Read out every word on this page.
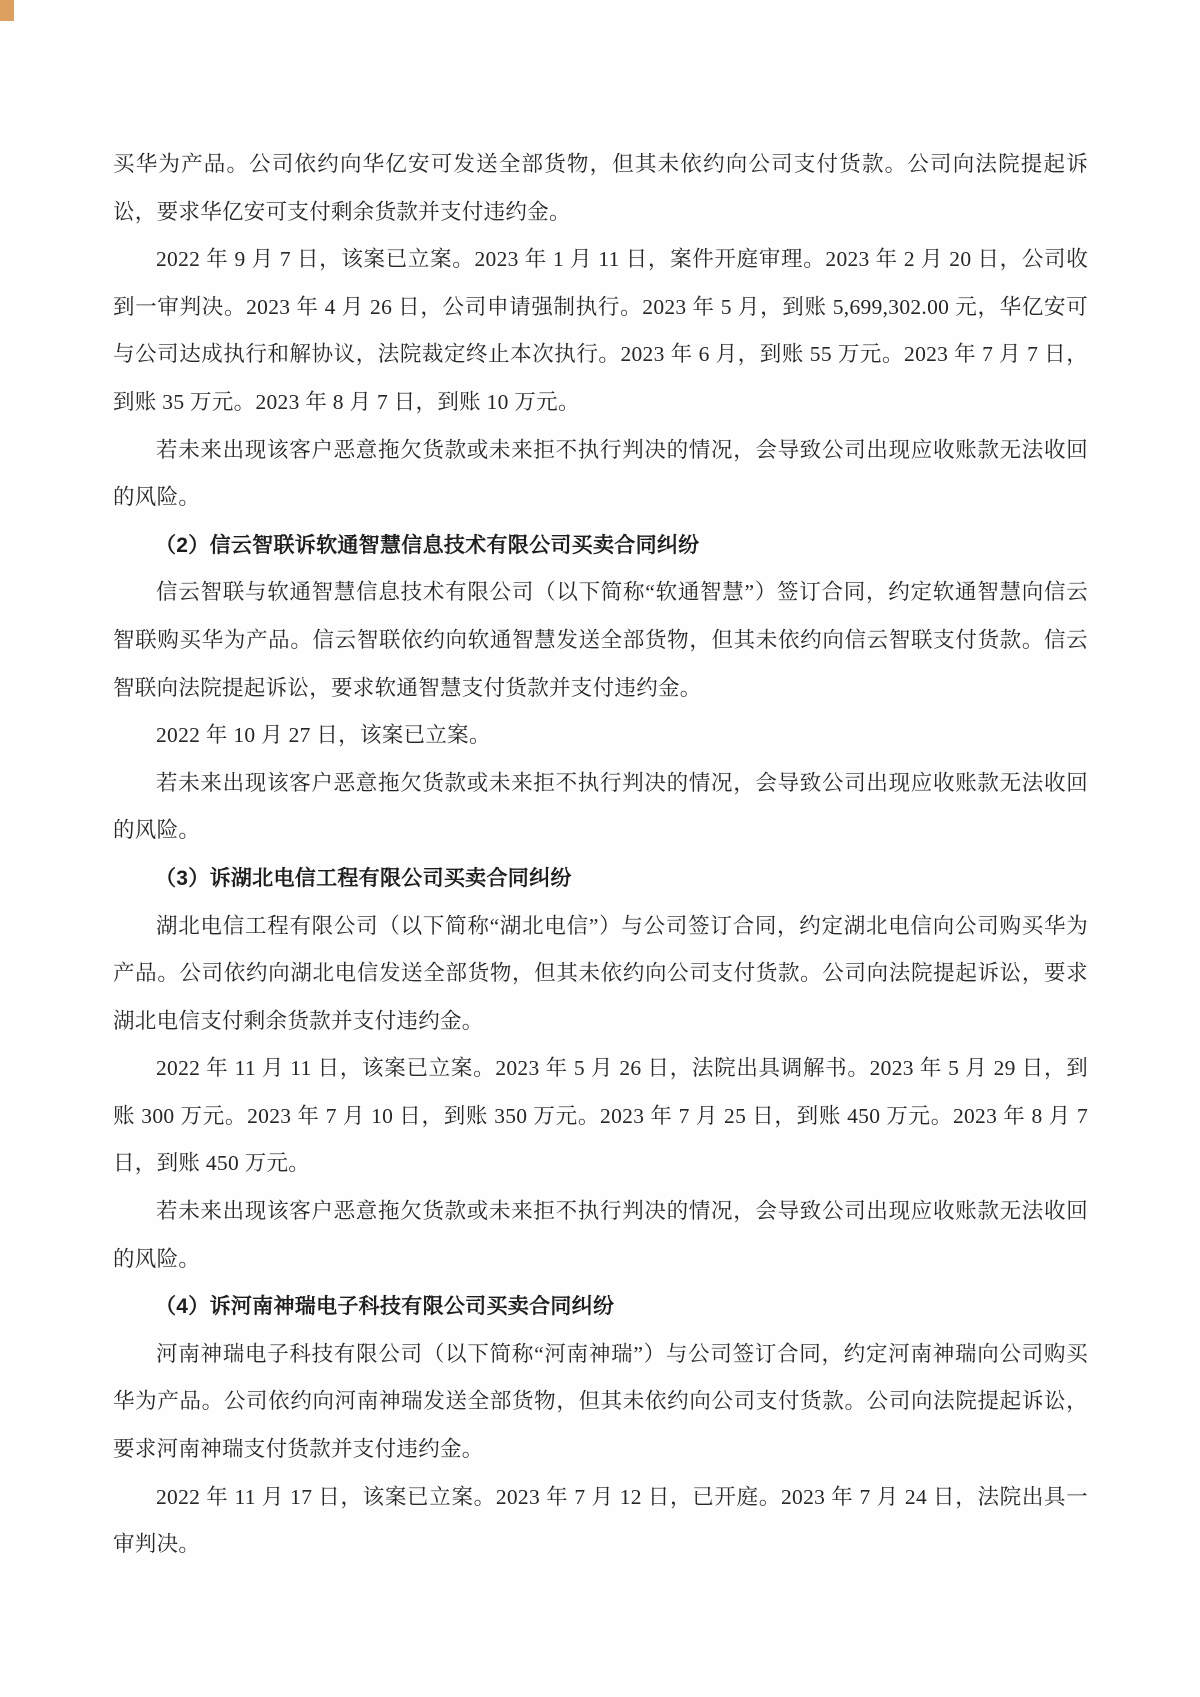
买华为产品。公司依约向华亿安可发送全部货物，但其未依约向公司支付货款。公司向法院提起诉讼，要求华亿安可支付剩余货款并支付违约金。
2022 年 9 月 7 日，该案已立案。2023 年 1 月 11 日，案件开庭审理。2023 年 2 月 20 日，公司收到一审判决。2023 年 4 月 26 日，公司申请强制执行。2023 年 5 月，到账 5,699,302.00 元，华亿安可与公司达成执行和解协议，法院裁定终止本次执行。2023 年 6 月，到账 55 万元。2023 年 7 月 7 日，到账 35 万元。2023 年 8 月 7 日，到账 10 万元。
若未来出现该客户恶意拖欠货款或未来拒不执行判决的情况，会导致公司出现应收账款无法收回的风险。
（2）信云智联诉软通智慧信息技术有限公司买卖合同纠纷
信云智联与软通智慧信息技术有限公司（以下简称“软通智慧”）签订合同，约定软通智慧向信云智联购买华为产品。信云智联依约向软通智慧发送全部货物，但其未依约向信云智联支付货款。信云智联向法院提起诉讼，要求软通智慧支付货款并支付违约金。
2022 年 10 月 27 日，该案已立案。
若未来出现该客户恶意拖欠货款或未来拒不执行判决的情况，会导致公司出现应收账款无法收回的风险。
（3）诉湖北电信工程有限公司买卖合同纠纷
湖北电信工程有限公司（以下简称“湖北电信”）与公司签订合同，约定湖北电信向公司购买华为产品。公司依约向湖北电信发送全部货物，但其未依约向公司支付货款。公司向法院提起诉讼，要求湖北电信支付剩余货款并支付违约金。
2022 年 11 月 11 日，该案已立案。2023 年 5 月 26 日，法院出具调解书。2023 年 5 月 29 日，到账 300 万元。2023 年 7 月 10 日，到账 350 万元。2023 年 7 月 25 日，到账 450 万元。2023 年 8 月 7 日，到账 450 万元。
若未来出现该客户恶意拖欠货款或未来拒不执行判决的情况，会导致公司出现应收账款无法收回的风险。
（4）诉河南神瑞电子科技有限公司买卖合同纠纷
河南神瑞电子科技有限公司（以下简称“河南神瑞”）与公司签订合同，约定河南神瑞向公司购买华为产品。公司依约向河南神瑞发送全部货物，但其未依约向公司支付货款。公司向法院提起诉讼，要求河南神瑞支付货款并支付违约金。
2022 年 11 月 17 日，该案已立案。2023 年 7 月 12 日，已开庭。2023 年 7 月 24 日，法院出具一审判决。
